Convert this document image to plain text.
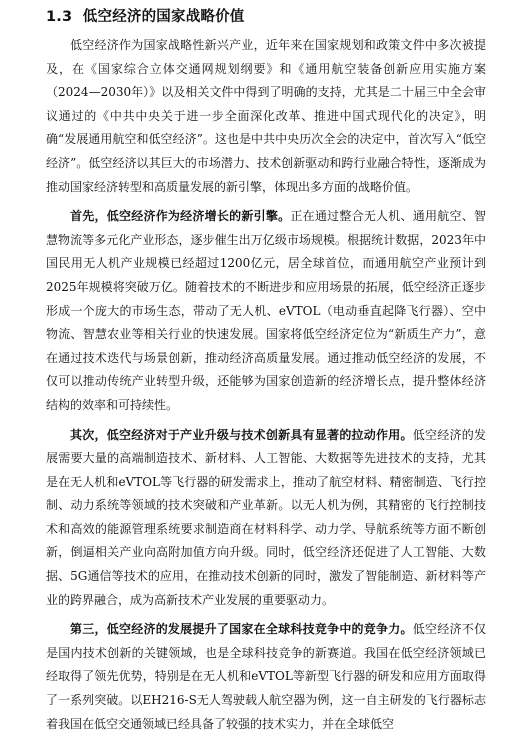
1.3 低空经济的国家战略价值

低空经济作为国家战略性新兴产业，近年来在国家规划和政策文件中多次被提及，在《国家综合立体交通网规划纲要》和《通用航空装备创新应用实施方案（2024—2030年）》以及相关文件中得到了明确的支持，尤其是二十届三中全会审议通过的《中共中央关于进一步全面深化改革、推进中国式现代化的决定》，明确“发展通用航空和低空经济”。这也是中共中央历次全会的决定中，首次写入“低空经济”。低空经济以其巨大的市场潜力、技术创新驱动和跨行业融合特性，逐渐成为推动国家经济转型和高质量发展的新引擎，体现出多方面的战略价值。

首先，低空经济作为经济增长的新引擎。正在通过整合无人机、通用航空、智慧物流等多元化产业形态，逐步催生出万亿级市场规模。根据统计数据，2023年中国民用无人机产业规模已经超过1200亿元，居全球首位，而通用航空产业预计到2025年规模将突破万亿。随着技术的不断进步和应用场景的拓展，低空经济正逐步形成一个庞大的市场生态，带动了无人机、eVTOL（电动垂直起降飞行器）、空中物流、智慧农业等相关行业的快速发展。国家将低空经济定位为“新质生产力”，意在通过技术迭代与场景创新，推动经济高质量发展。通过推动低空经济的发展，不仅可以推动传统产业转型升级，还能够为国家创造新的经济增长点，提升整体经济结构的效率和可持续性。

其次，低空经济对于产业升级与技术创新具有显著的拉动作用。低空经济的发展需要大量的高端制造技术、新材料、人工智能、大数据等先进技术的支持，尤其是在无人机和eVTOL等飞行器的研发需求上，推动了航空材料、精密制造、飞行控制、动力系统等领域的技术突破和产业革新。以无人机为例，其精密的飞行控制技术和高效的能源管理系统要求制造商在材料科学、动力学、导航系统等方面不断创新，倒逼相关产业向高附加值方向升级。同时，低空经济还促进了人工智能、大数据、5G通信等技术的应用，在推动技术创新的同时，激发了智能制造、新材料等产业的跨界融合，成为高新技术产业发展的重要驱动力。

第三，低空经济的发展提升了国家在全球科技竞争中的竞争力。低空经济不仅是国内技术创新的关键领域，也是全球科技竞争的新赛道。我国在低空经济领域已经取得了领先优势，特别是在无人机和eVTOL等新型飞行器的研发和应用方面取得了一系列突破。以EH216-S无人驾驶载人航空器为例，这一自主研发的飞行器标志着我国在低空交通领域已经具备了较强的技术实力，并在全球低空
